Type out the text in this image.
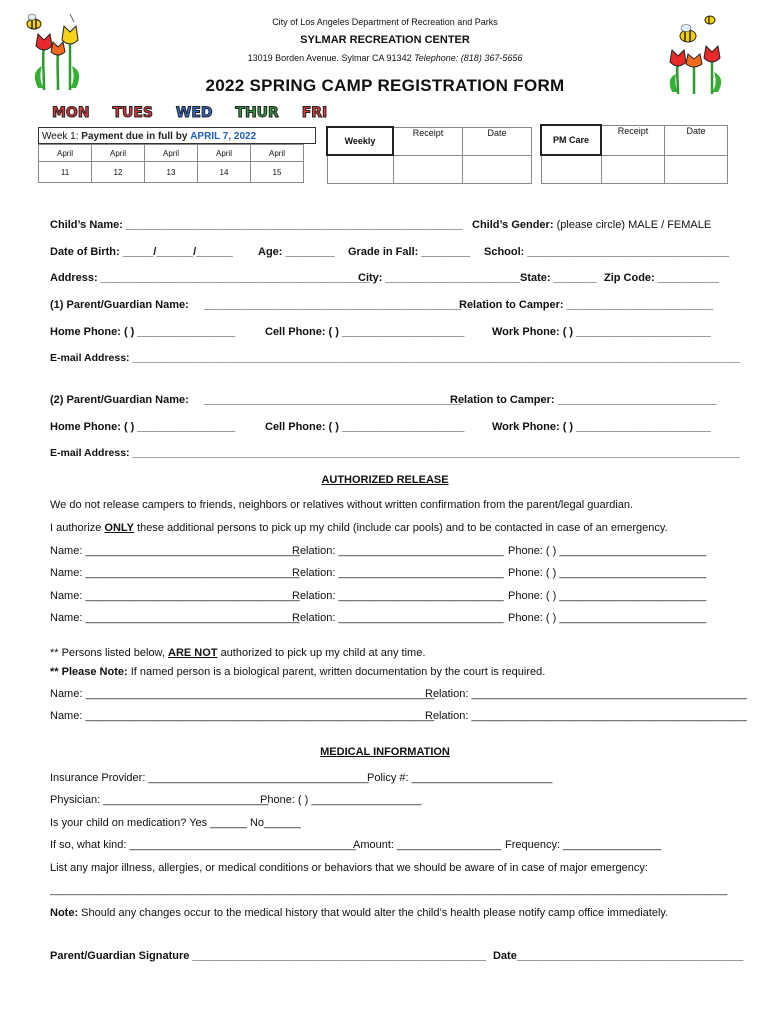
City of Los Angeles Department of Recreation and Parks
SYLMAR RECREATION CENTER
13019 Borden Avenue. Sylmar CA 91342 Telephone: (818) 367-5656
2022 SPRING CAMP REGISTRATION FORM
MON TUES WED THUR FRI
Week 1: Payment due in full by APRIL 7, 2022
April	April	April	April	April
11	12	13	14	15
Weekly	Receipt	Date

PM Care	Receipt	Date

Child’s Name: _______________________________________________________ Child’s Gender: (please circle) MALE / FEMALE
Date of Birth: _____/______/______ Age: ________ Grade in Fall: ________ School: _________________________________
Address: ____________________________________________
City: ______________________ State: _______ Zip Code: __________
(1) Parent/Guardian Name: __________________________________________
Relation to Camper: ________________________
Home Phone: ( ) ________________	Cell Phone: ( ) ____________________	Work Phone: ( ) ______________________
E-mail Address: ________________________________________________________________________________________________________
(2) Parent/Guardian Name: __________________________________________
Relation to Camper: __________________________
Home Phone: ( ) ________________	Cell Phone: ( ) ____________________	Work Phone: ( ) ______________________
E-mail Address: ________________________________________________________________________________________________________
AUTHORIZED RELEASE
We do not release campers to friends, neighbors or relatives without written confirmation from the parent/legal guardian.
I authorize ONLY these additional persons to pick up my child (include car pools) and to be contacted in case of an emergency.
Name: ___________________________________
Relation: ___________________________ Phone: ( ) ________________________
Name: ___________________________________
Relation: ___________________________ Phone: ( ) ________________________
Name: ___________________________________
Relation: ___________________________ Phone: ( ) ________________________
Name: ___________________________________
Relation: ___________________________ Phone: ( ) ________________________
** Persons listed below, ARE NOT authorized to pick up my child at any time.
** Please Note: If named person is a biological parent, written documentation by the court is required.
Name: _________________________________________________________
Relation: _____________________________________________
Name: _________________________________________________________
Relation: _____________________________________________
MEDICAL INFORMATION
Insurance Provider: ____________________________________
Policy #: _______________________
Physician: ___________________________
Phone: ( ) __________________
Is your child on medication? Yes ______ No______
If so, what kind: _____________________________________
Amount: _________________ Frequency: ________________
List any major illness, allergies, or medical conditions or behaviors that we should be aware of in case of major emergency:
____________________________________________________________________________________________________________________
Note: Should any changes occur to the medical history that would alter the child’s health please notify camp office immediately.
Parent/Guardian Signature ________________________________________________ Date_____________________________________
